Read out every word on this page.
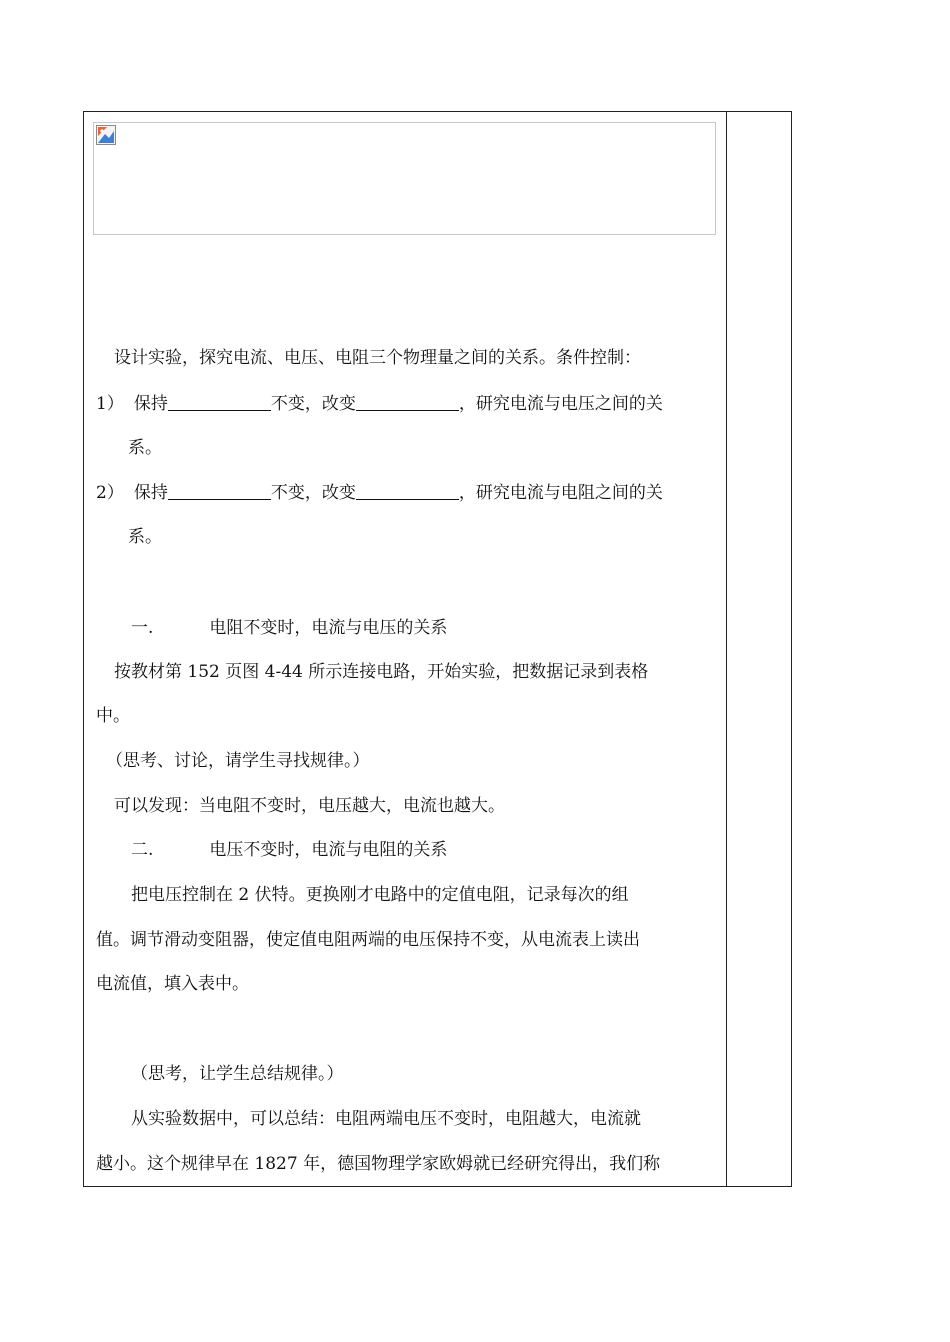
设计实验，探究电流、电压、电阻三个物理量之间的关系。条件控制：
1） 保持	不变，改变	，研究电流与电压之间的关
系。
2） 保持	不变，改变	，研究电流与电阻之间的关
系。
一.	电阻不变时，电流与电压的关系
按教材第 152 页图 4-44 所示连接电路，开始实验，把数据记录到表格
中。
（思考、讨论，请学生寻找规律。）
可以发现：当电阻不变时，电压越大，电流也越大。
二.	电压不变时，电流与电阻的关系
把电压控制在 2 伏特。更换刚才电路中的定值电阻，记录每次的组
值。调节滑动变阻器，使定值电阻两端的电压保持不变，从电流表上读出
电流值，填入表中。
（思考，让学生总结规律。）
从实验数据中，可以总结：电阻两端电压不变时，电阻越大，电流就
越小。这个规律早在 1827 年，德国物理学家欧姆就已经研究得出，我们称
